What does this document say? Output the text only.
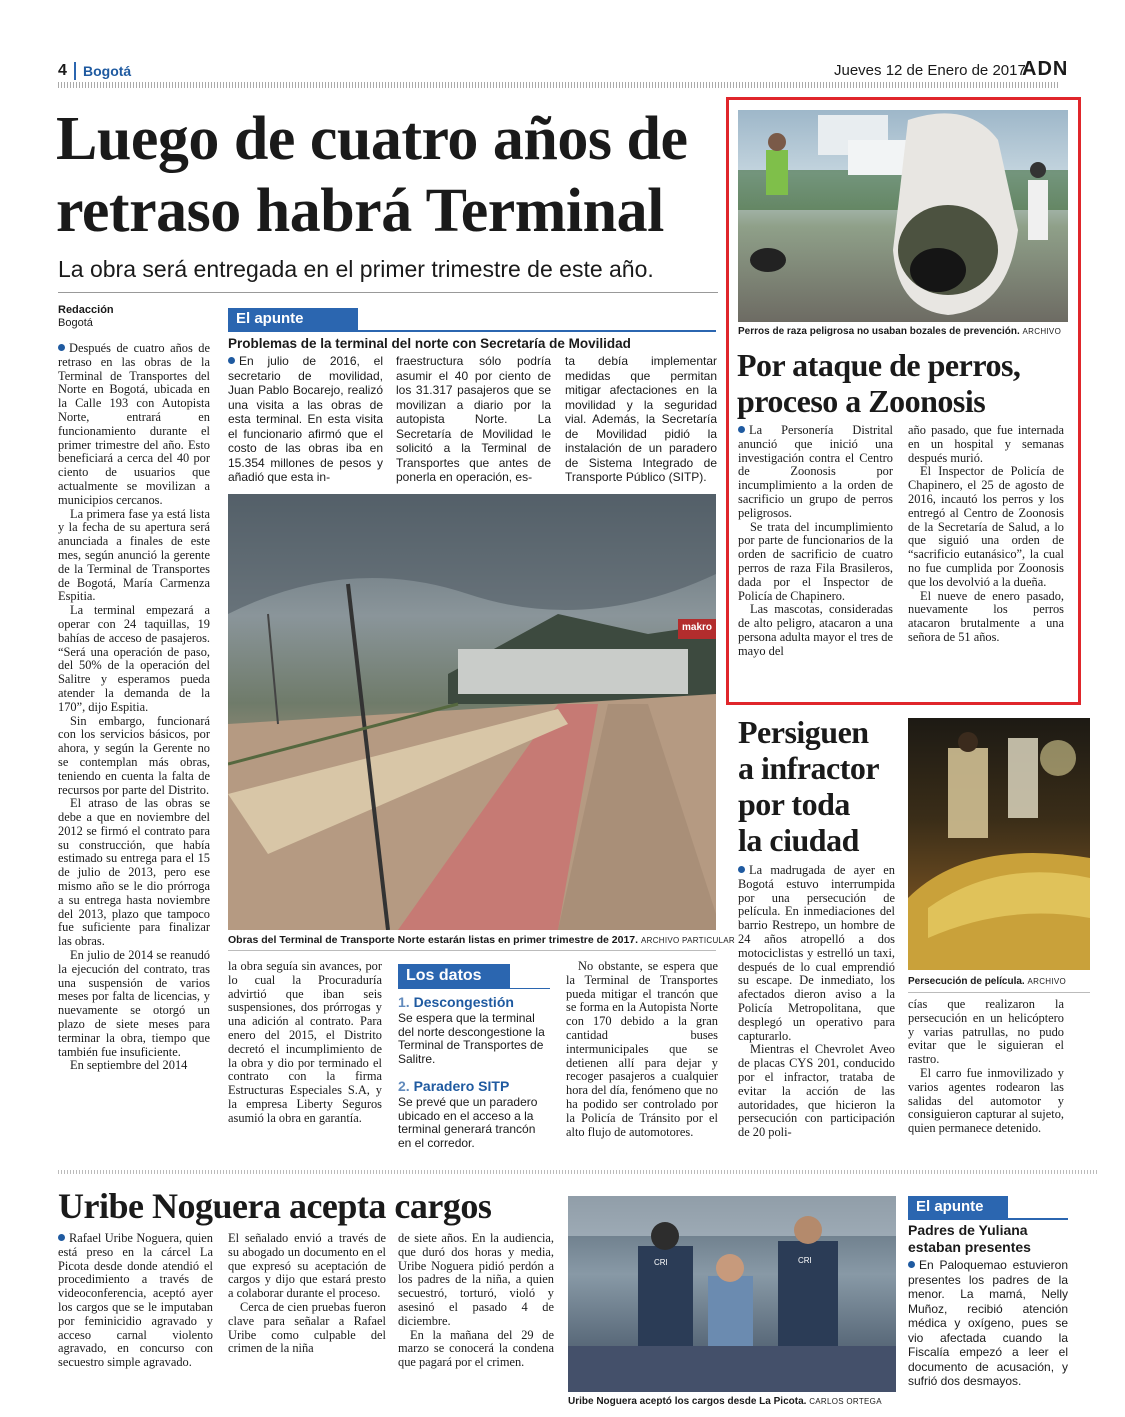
4 Bogotá	Jueves 12 de Enero de 2017
ADN
Luego de cuatro años de
retraso habrá Terminal
La obra será entregada en el primer trimestre de este año.
Redacción
Bogotá

Después de cuatro años de retraso en las obras de la Terminal de Transportes del Norte en Bogotá, ubicada en la Calle 193 con Autopista Norte, entrará en funcionamiento durante el primer trimestre del año. Esto beneficiará a cerca del 40 por ciento de usuarios que actualmente se movilizan a municipios cercanos.

La primera fase ya está lista y la fecha de su apertura será anunciada a finales de este mes, según anunció la gerente de la Terminal de Transportes de Bogotá, María Carmenza Espitia.

La terminal empezará a operar con 24 taquillas, 19 bahías de acceso de pasajeros. “Será una operación de paso, del 50% de la operación del Salitre y esperamos pueda atender la demanda de la 170”, dijo Espitia.

Sin embargo, funcionará con los servicios básicos, por ahora, y según la Gerente no se contemplan más obras, teniendo en cuenta la falta de recursos por parte del Distrito.

El atraso de las obras se debe a que en noviembre del 2012 se firmó el contrato para su construcción, que había estimado su entrega para el 15 de julio de 2013, pero ese mismo año se le dio prórroga a su entrega hasta noviembre del 2013, plazo que tampoco fue suficiente para finalizar las obras.

En julio de 2014 se reanudó la ejecución del contrato, tras una suspensión de varios meses por falta de licencias, y nuevamente se otorgó un plazo de siete meses para terminar la obra, tiempo que también fue insuficiente.

En septiembre del 2014

El apunte
Problemas de la terminal del norte con Secretaría de Movilidad
En julio de 2016, el secretario de movilidad, Juan Pablo Bocarejo, realizó una visita a las obras de esta terminal. En esta visita el funcionario afirmó que el costo de las obras iba en 15.354 millones de pesos y añadió que esta in-
fraestructura sólo podría asumir el 40 por ciento de los 31.317 pasajeros que se movilizan a diario por la autopista Norte. La Secretaría de Movilidad le solicitó a la Terminal de Transportes que antes de ponerla en operación, es-
ta debía implementar medidas que permitan mitigar afectaciones en la movilidad y la seguridad vial. Además, la Secretaría de Movilidad pidió la instalación de un paradero de Sistema Integrado de Transporte Público (SITP).
makro
Obras del Terminal de Transporte Norte estarán listas en primer trimestre de 2017. ARCHIVO PARTICULAR
la obra seguía sin avances, por lo cual la Procuraduría advirtió que iban seis suspensiones, dos prórrogas y una adición al contrato. Para enero del 2015, el Distrito decretó el incumplimiento de la obra y dio por terminado el contrato con la firma Estructuras Especiales S.A, y la empresa Liberty Seguros asumió la obra en garantía.
Los datos
1. Descongestión
Se espera que la terminal del norte descongestione la Terminal de Transportes de Salitre.
2. Paradero SITP
Se prevé que un paradero ubicado en el acceso a la terminal generará trancón en el corredor.
No obstante, se espera que la Terminal de Transportes pueda mitigar el trancón que se forma en la Autopista Norte con 170 debido a la gran cantidad buses intermunicipales que se detienen allí para dejar y recoger pasajeros a cualquier hora del día, fenómeno que no ha podido ser controlado por la Policía de Tránsito por el alto flujo de automotores.
Perros de raza peligrosa no usaban bozales de prevención. ARCHIVO
Por ataque de perros,
proceso a Zoonosis

La Personería Distrital anunció que inició una investigación contra el Centro de Zoonosis por incumplimiento a la orden de sacrificio un grupo de perros peligrosos.

Se trata del incumplimiento por parte de funcionarios de la orden de sacrificio de cuatro perros de raza Fila Brasileros, dada por el Inspector de Policía de Chapinero.

Las mascotas, consideradas de alto peligro, atacaron a una persona adulta mayor el tres de mayo del

año pasado, que fue internada en un hospital y semanas después murió.

El Inspector de Policía de Chapinero, el 25 de agosto de 2016, incautó los perros y los entregó al Centro de Zoonosis de la Secretaría de Salud, a lo que siguió una orden de “sacrificio eutanásico”, la cual no fue cumplida por Zoonosis que los devolvió a la dueña.

El nueve de enero pasado, nuevamente los perros atacaron brutalmente a una señora de 51 años.

Persiguen
a infractor
por toda
la ciudad
Persecución de película. ARCHIVO

La madrugada de ayer en Bogotá estuvo interrumpida por una persecución de película. En inmediaciones del barrio Restrepo, un hombre de 24 años atropelló a dos motociclistas y estrelló un taxi, después de lo cual emprendió su escape. De inmediato, los afectados dieron aviso a la Policía Metropolitana, que desplegó un operativo para capturarlo.

Mientras el Chevrolet Aveo de placas CYS 201, conducido por el infractor, trataba de evitar la acción de las autoridades, que hicieron la persecución con participación de 20 poli-

cías que realizaron la persecución en un helicóptero y varias patrullas, no pudo evitar que le siguieran el rastro.

El carro fue inmovilizado y varios agentes rodearon las salidas del automotor y consiguieron capturar al sujeto, quien permanece detenido.

Uribe Noguera acepta cargos

Rafael Uribe Noguera, quien está preso en la cárcel La Picota desde donde atendió el procedimiento a través de videoconferencia, aceptó ayer los cargos que se le imputaban por feminicidio agravado y acceso carnal violento agravado, en concurso con secuestro simple agravado.

El señalado envió a través de su abogado un documento en el que expresó su aceptación de cargos y dijo que estará presto a colaborar durante el proceso.

Cerca de cien pruebas fueron clave para señalar a Rafael Uribe como culpable del crimen de la niña

de siete años. En la audiencia, que duró dos horas y media, Uribe Noguera pidió perdón a los padres de la niña, a quien secuestró, torturó, violó y asesinó el pasado 4 de diciembre.

En la mañana del 29 de marzo se conocerá la condena que pagará por el crimen.

CRI	CRI
Uribe Noguera aceptó los cargos desde La Picota. CARLOS ORTEGA
El apunte
Padres de Yuliana
estaban presentes
En Paloquemao estuvieron presentes los padres de la menor. La mamá, Nelly Muñoz, recibió atención médica y oxígeno, pues se vio afectada cuando la Fiscalía empezó a leer el documento de acusación, y sufrió dos desmayos.
